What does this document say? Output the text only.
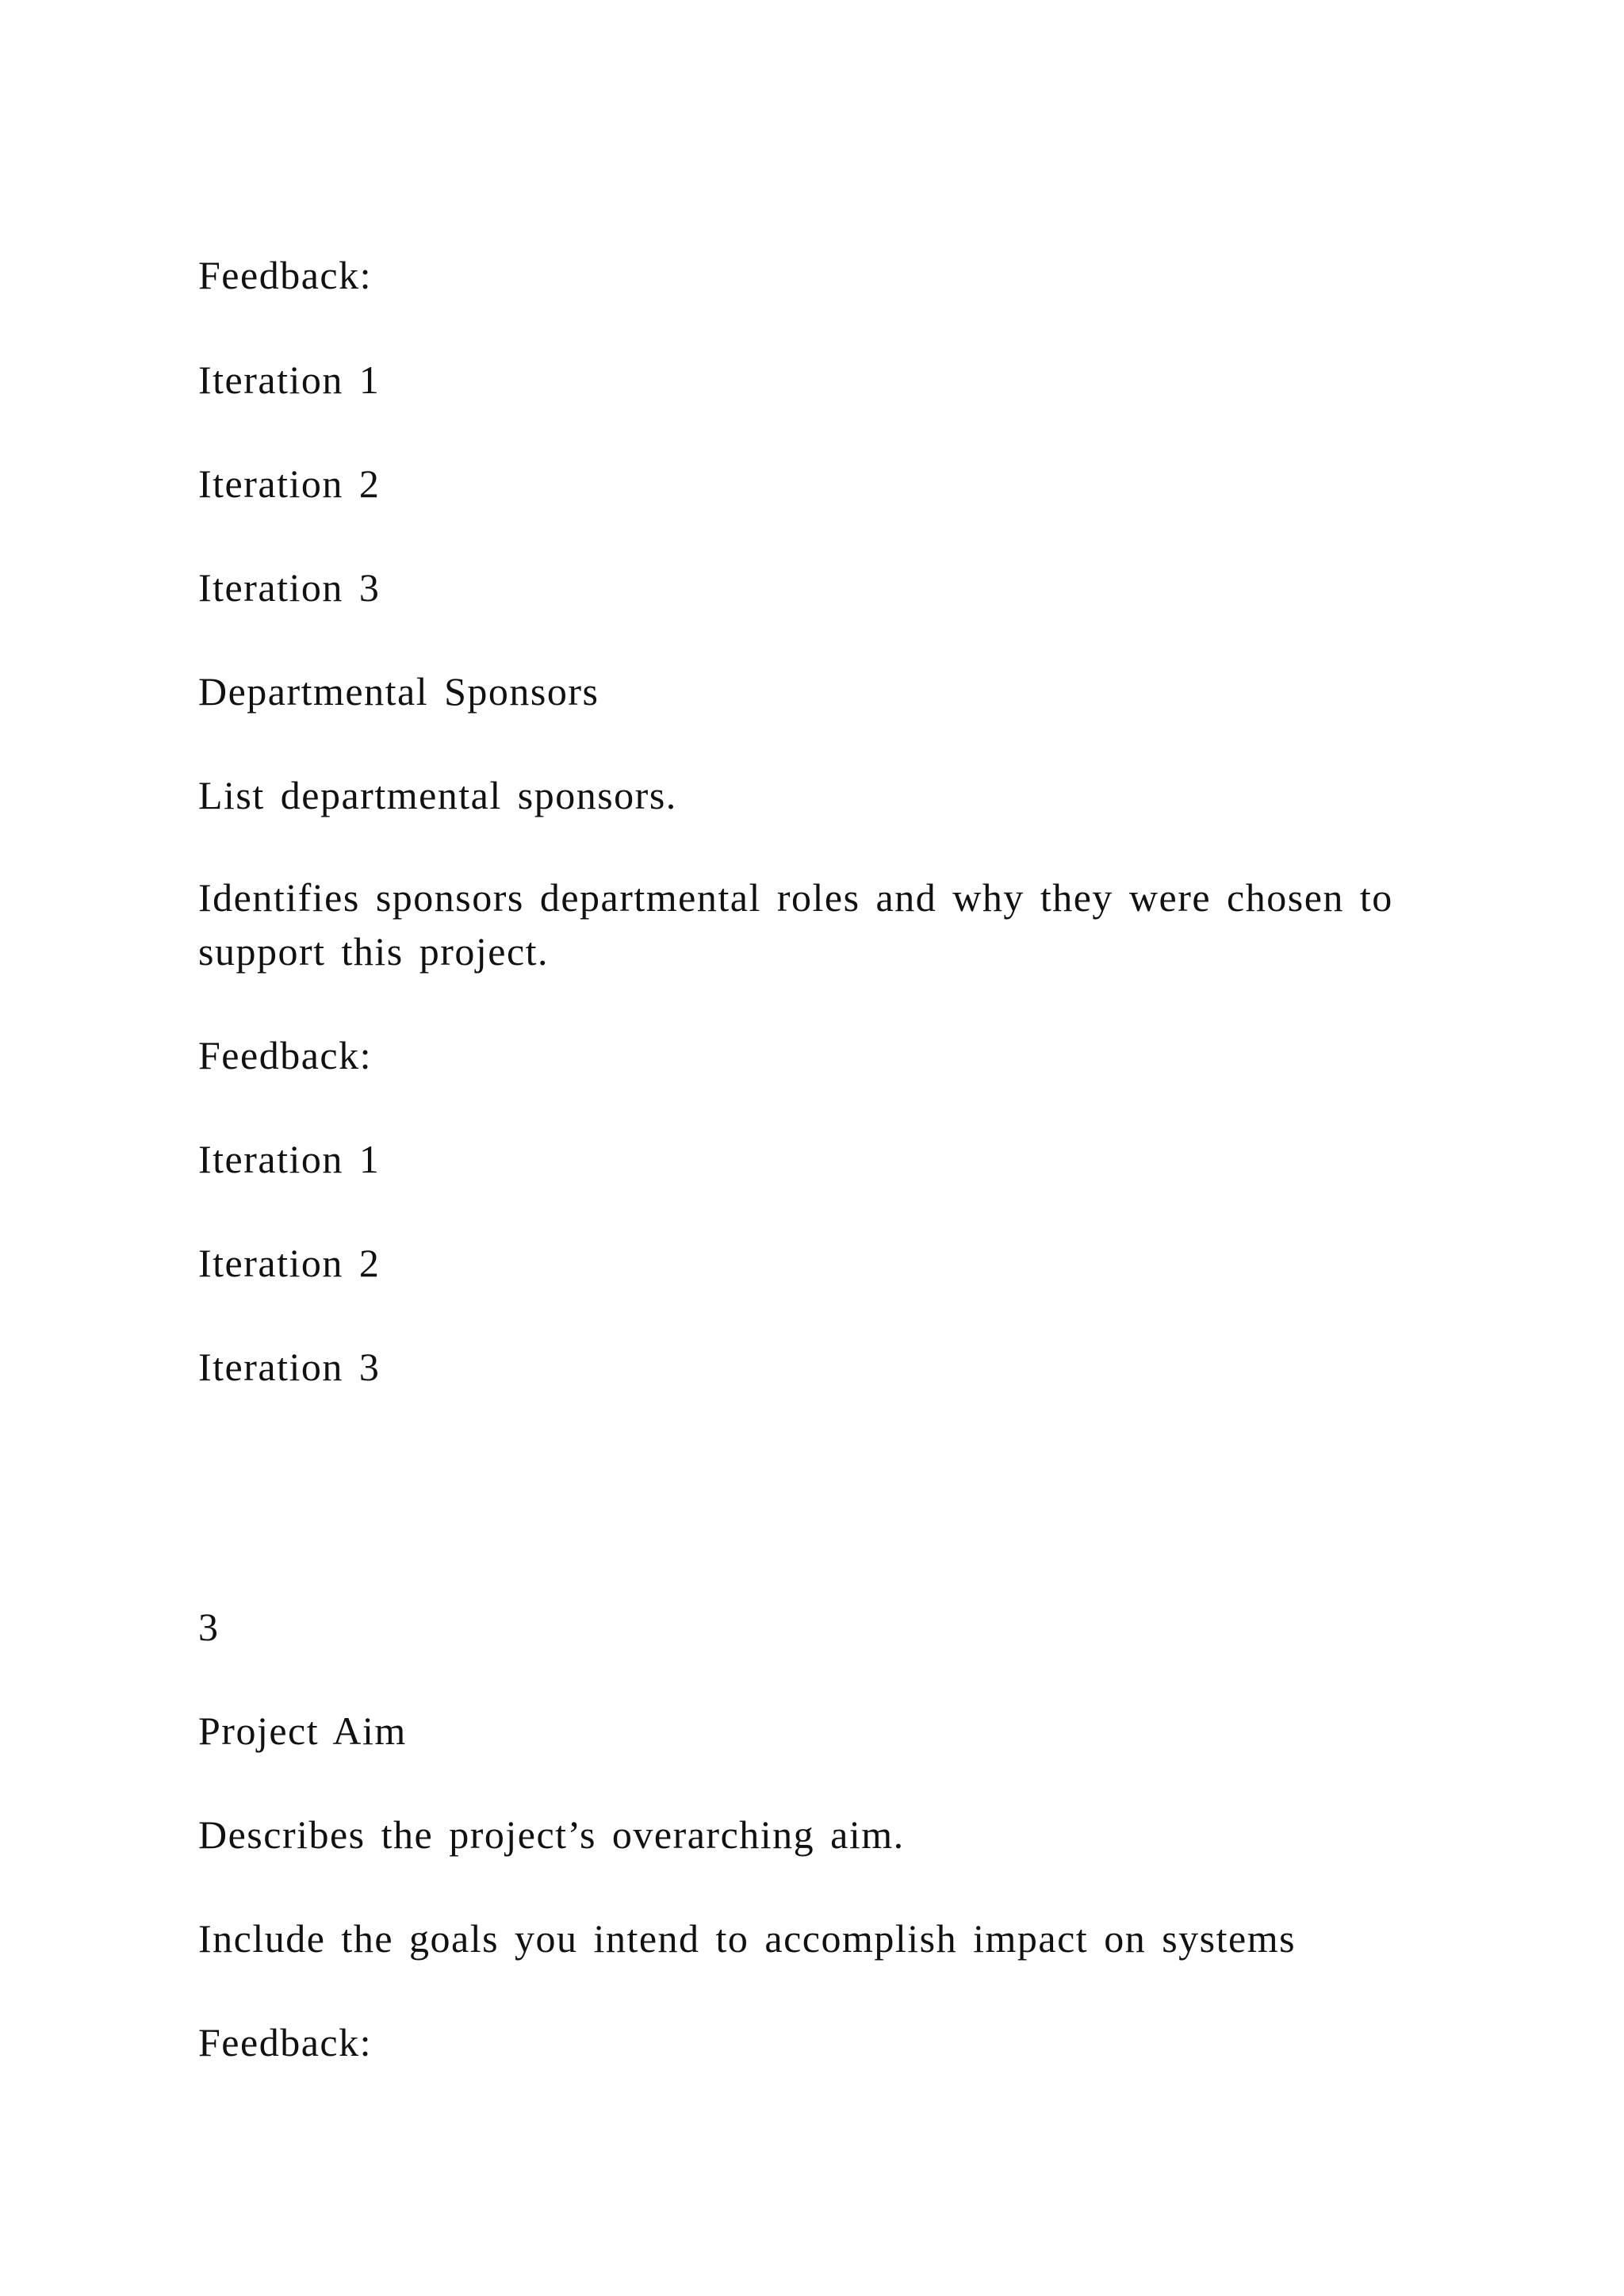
Feedback:

Iteration 1

Iteration 2

Iteration 3

Departmental Sponsors

List departmental sponsors.

Identifies sponsors departmental roles and why they were chosen to support this project.

Feedback:

Iteration 1

Iteration 2

Iteration 3

3

Project Aim

Describes the project’s overarching aim.

Include the goals you intend to accomplish impact on systems

Feedback:
